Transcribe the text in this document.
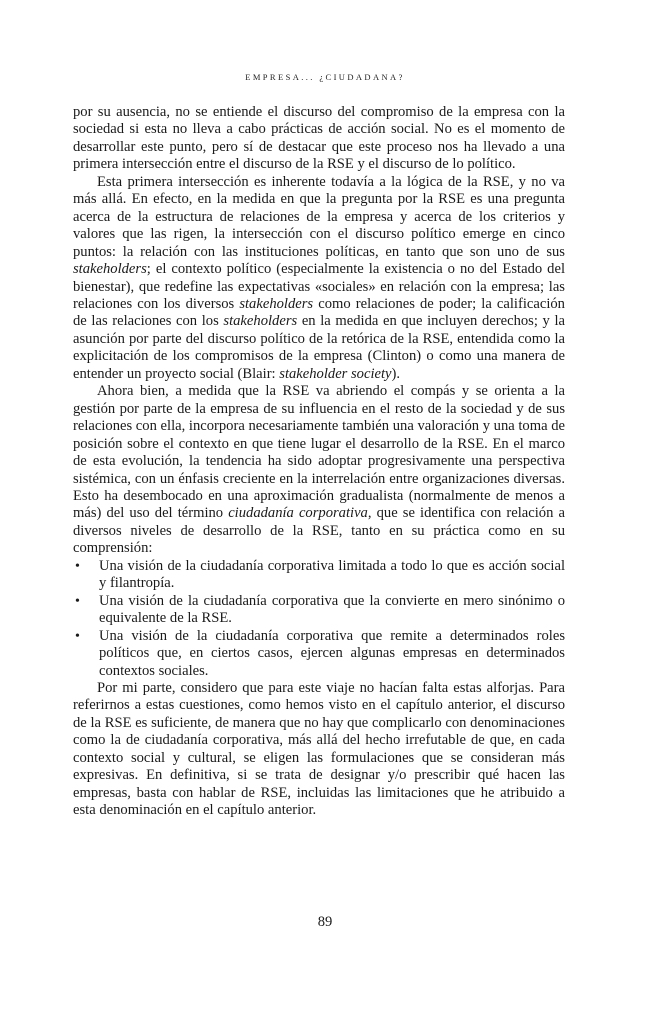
EMPRESA... ¿CIUDADANA?

por su ausencia, no se entiende el discurso del compromiso de la empresa con la sociedad si esta no lleva a cabo prácticas de acción social. No es el momento de desarrollar este punto, pero sí de destacar que este proceso nos ha llevado a una primera intersección entre el discurso de la RSE y el discurso de lo político.

Esta primera intersección es inherente todavía a la lógica de la RSE, y no va más allá. En efecto, en la medida en que la pregunta por la RSE es una pregunta acerca de la estructura de relaciones de la empresa y acerca de los criterios y valores que las rigen, la intersección con el discurso político emerge en cinco puntos: la relación con las instituciones políticas, en tanto que son uno de sus stakeholders; el contexto político (especialmente la existencia o no del Estado del bienestar), que redefine las expectativas «sociales» en relación con la empresa; las relaciones con los diversos stakeholders como relaciones de poder; la calificación de las relaciones con los stakeholders en la medida en que incluyen derechos; y la asunción por parte del discurso político de la retórica de la RSE, entendida como la explicitación de los compromisos de la empresa (Clinton) o como una manera de entender un proyecto social (Blair: stakeholder society).

Ahora bien, a medida que la RSE va abriendo el compás y se orienta a la gestión por parte de la empresa de su influencia en el resto de la sociedad y de sus relaciones con ella, incorpora necesariamente también una valoración y una toma de posición sobre el contexto en que tiene lugar el desarrollo de la RSE. En el marco de esta evolución, la tendencia ha sido adoptar progresivamente una perspectiva sistémica, con un énfasis creciente en la interrelación entre organizaciones diversas. Esto ha desembocado en una aproximación gradualista (normalmente de menos a más) del uso del término ciudadanía corporativa, que se identifica con relación a diversos niveles de desarrollo de la RSE, tanto en su práctica como en su comprensión:

• Una visión de la ciudadanía corporativa limitada a todo lo que es acción social y filantropía.
• Una visión de la ciudadanía corporativa que la convierte en mero sinónimo o equivalente de la RSE.
• Una visión de la ciudadanía corporativa que remite a determinados roles políticos que, en ciertos casos, ejercen algunas empresas en determinados contextos sociales.

Por mi parte, considero que para este viaje no hacían falta estas alforjas. Para referirnos a estas cuestiones, como hemos visto en el capítulo anterior, el discurso de la RSE es suficiente, de manera que no hay que complicarlo con denominaciones como la de ciudadanía corporativa, más allá del hecho irrefutable de que, en cada contexto social y cultural, se eligen las formulaciones que se consideran más expresivas. En definitiva, si se trata de designar y/o prescribir qué hacen las empresas, basta con hablar de RSE, incluidas las limitaciones que he atribuido a esta denominación en el capítulo anterior.

89
